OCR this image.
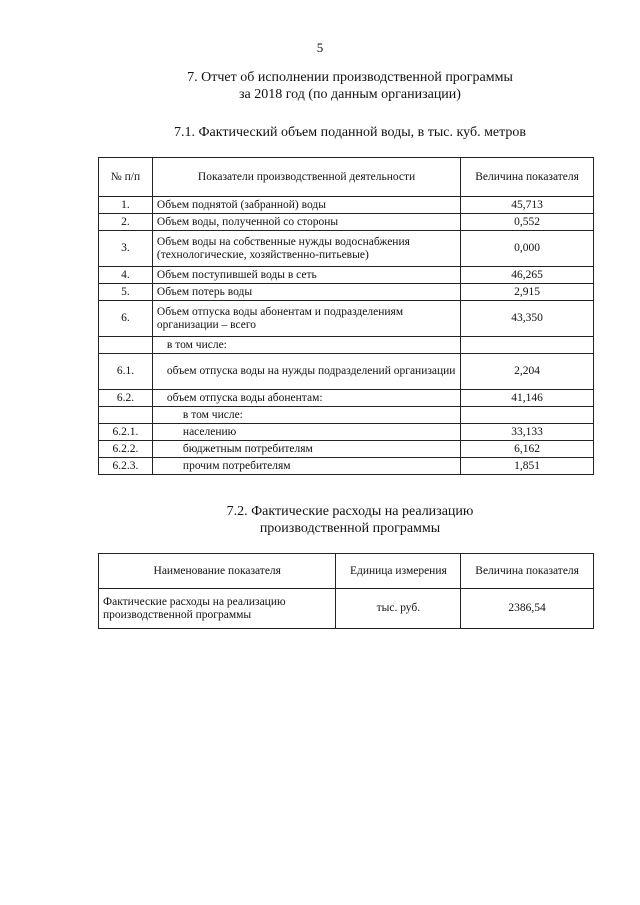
5
7. Отчет об исполнении производственной программы
за 2018 год (по данным организации)
7.1. Фактический объем поданной воды, в тыс. куб. метров
№ п/п	Показатели производственной деятельности	Величина показателя
1.	Объем поднятой (забранной) воды	45,713
2.	Объем воды, полученной со стороны	0,552
3.	Объем воды на собственные нужды водоснабжения (технологические, хозяйственно-питьевые)	0,000
4.	Объем поступившей воды в сеть	46,265
5.	Объем потерь воды	2,915
6.	Объем отпуска воды абонентам и подразделениям организации – всего	43,350
	в том числе:	
6.1.	объем отпуска воды на нужды подразделений организации	2,204
6.2.	объем отпуска воды абонентам:	41,146
	в том числе:	
6.2.1.	населению	33,133
6.2.2.	бюджетным потребителям	6,162
6.2.3.	прочим потребителям	1,851
7.2. Фактические расходы на реализацию
производственной программы
Наименование показателя	Единица измерения	Величина показателя
Фактические расходы на реализацию производственной программы	тыс. руб.	2386,54
